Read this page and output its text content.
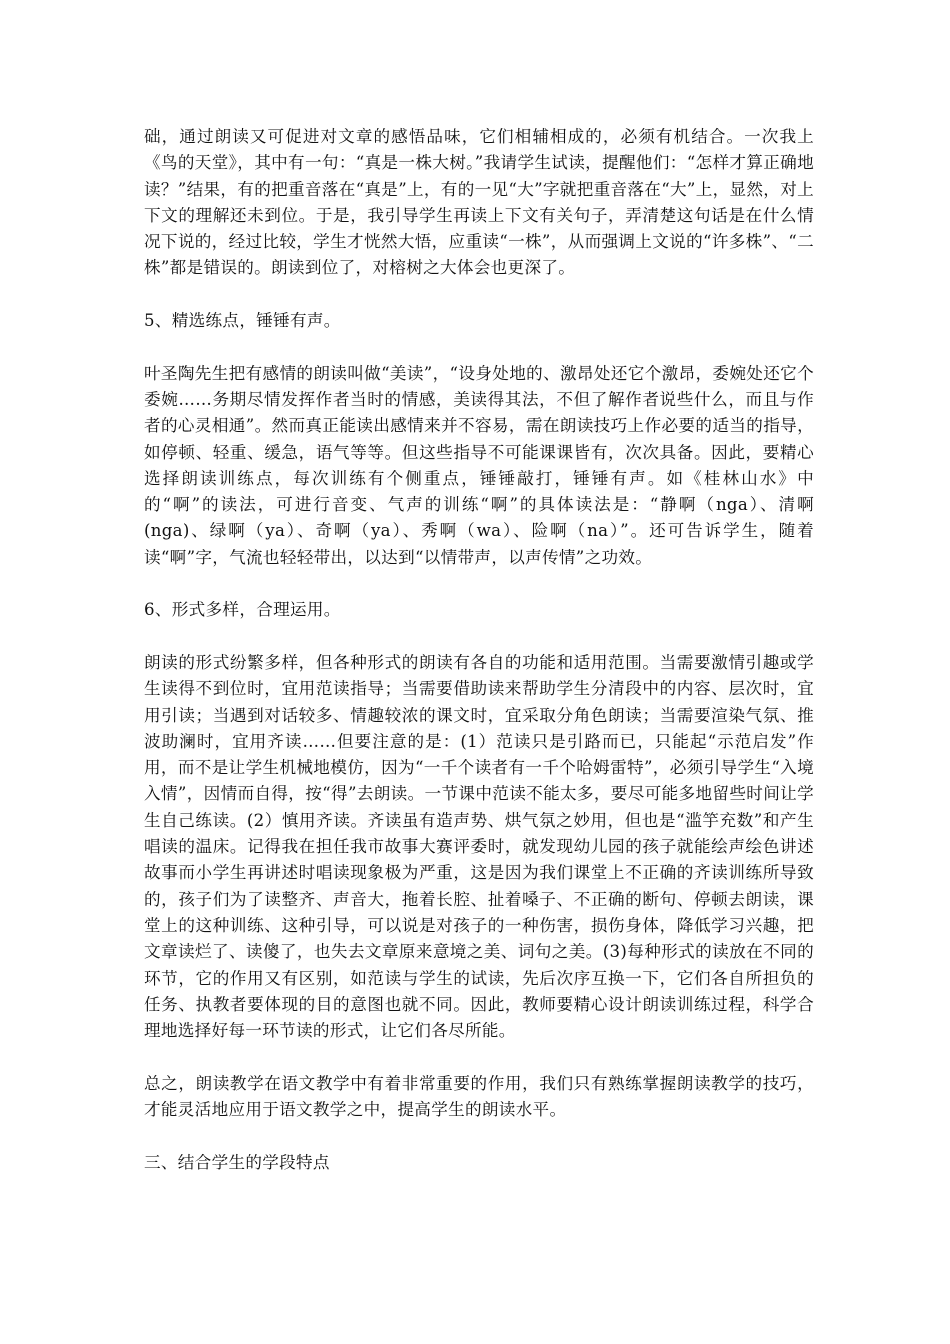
础，通过朗读又可促进对文章的感悟品味，它们相辅相成的，必须有机结合。一次我上《鸟的天堂》，其中有一句：“真是一株大树。”我请学生试读，提醒他们：“怎样才算正确地读？”结果，有的把重音落在“真是”上，有的一见“大”字就把重音落在“大”上，显然，对上下文的理解还未到位。于是，我引导学生再读上下文有关句子，弄清楚这句话是在什么情况下说的，经过比较，学生才恍然大悟，应重读“一株”，从而强调上文说的“许多株”、“二株”都是错误的。朗读到位了，对榕树之大体会也更深了。

5、精选练点，锤锤有声。

叶圣陶先生把有感情的朗读叫做“美读”，“设身处地的、激昂处还它个激昂，委婉处还它个委婉……务期尽情发挥作者当时的情感，美读得其法，不但了解作者说些什么，而且与作者的心灵相通”。然而真正能读出感情来并不容易，需在朗读技巧上作必要的适当的指导，如停顿、轻重、缓急，语气等等。但这些指导不可能课课皆有，次次具备。因此，要精心选择朗读训练点，每次训练有个侧重点，锤锤敲打，锤锤有声。如《桂林山水》中的“啊”的读法，可进行音变、气声的训练“啊”的具体读法是：“静啊（nga）、清啊(nga)、绿啊（ya）、奇啊（ya）、秀啊（wa）、险啊（na）”。还可告诉学生，随着读“啊”字，气流也轻轻带出，以达到“以情带声，以声传情”之功效。

6、形式多样，合理运用。

朗读的形式纷繁多样，但各种形式的朗读有各自的功能和适用范围。当需要激情引趣或学生读得不到位时，宜用范读指导；当需要借助读来帮助学生分清段中的内容、层次时，宜用引读；当遇到对话较多、情趣较浓的课文时，宜采取分角色朗读；当需要渲染气氛、推波助澜时，宜用齐读……但要注意的是：(1）范读只是引路而已，只能起“示范启发”作用，而不是让学生机械地模仿，因为“一千个读者有一千个哈姆雷特”，必须引导学生“入境入情”，因情而自得，按“得”去朗读。一节课中范读不能太多，要尽可能多地留些时间让学生自己练读。(2）慎用齐读。齐读虽有造声势、烘气氛之妙用，但也是“滥竽充数”和产生唱读的温床。记得我在担任我市故事大赛评委时，就发现幼儿园的孩子就能绘声绘色讲述故事而小学生再讲述时唱读现象极为严重，这是因为我们课堂上不正确的齐读训练所导致的，孩子们为了读整齐、声音大，拖着长腔、扯着嗓子、不正确的断句、停顿去朗读，课堂上的这种训练、这种引导，可以说是对孩子的一种伤害，损伤身体，降低学习兴趣，把文章读烂了、读傻了，也失去文章原来意境之美、词句之美。(3)每种形式的读放在不同的环节，它的作用又有区别，如范读与学生的试读，先后次序互换一下，它们各自所担负的任务、执教者要体现的目的意图也就不同。因此，教师要精心设计朗读训练过程，科学合理地选择好每一环节读的形式，让它们各尽所能。

总之，朗读教学在语文教学中有着非常重要的作用，我们只有熟练掌握朗读教学的技巧，才能灵活地应用于语文教学之中，提高学生的朗读水平。

三、结合学生的学段特点
